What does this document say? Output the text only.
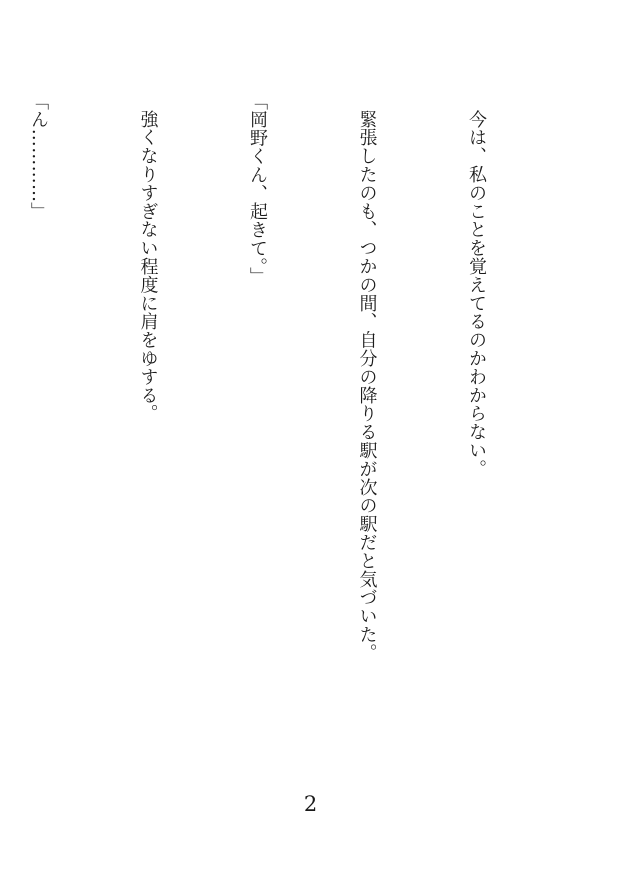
今は、私のことを覚えてるのかわからない。

緊張したのも、つかの間、自分の降りる駅が次の駅だと気づいた。

「岡野くん、起きて。」

強くなりすぎない程度に肩をゆする。

「ん…………」

2
